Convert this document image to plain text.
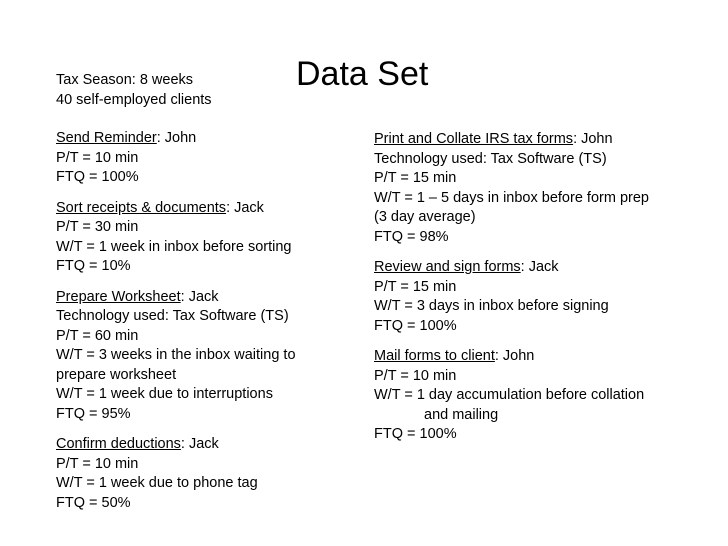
Data Set
Tax Season: 8 weeks
40 self-employed clients
Send Reminder: John
P/T = 10 min
FTQ = 100%
Sort receipts & documents: Jack
P/T = 30 min
W/T = 1 week in inbox before sorting
FTQ = 10%
Prepare Worksheet: Jack
Technology used: Tax Software (TS)
P/T = 60 min
W/T = 3 weeks in the inbox waiting to
prepare worksheet
W/T = 1 week due to interruptions
FTQ = 95%
Confirm deductions: Jack
P/T = 10 min
W/T = 1 week due to phone tag
FTQ = 50%
Print and Collate IRS tax forms: John
Technology used: Tax Software (TS)
P/T = 15 min
W/T = 1 – 5 days in inbox before form prep
(3 day average)
FTQ = 98%
Review and sign forms: Jack
P/T = 15 min
W/T = 3 days in inbox before signing
FTQ = 100%
Mail forms to client: John
P/T = 10 min
W/T = 1 day accumulation before collation
and mailing
FTQ = 100%
